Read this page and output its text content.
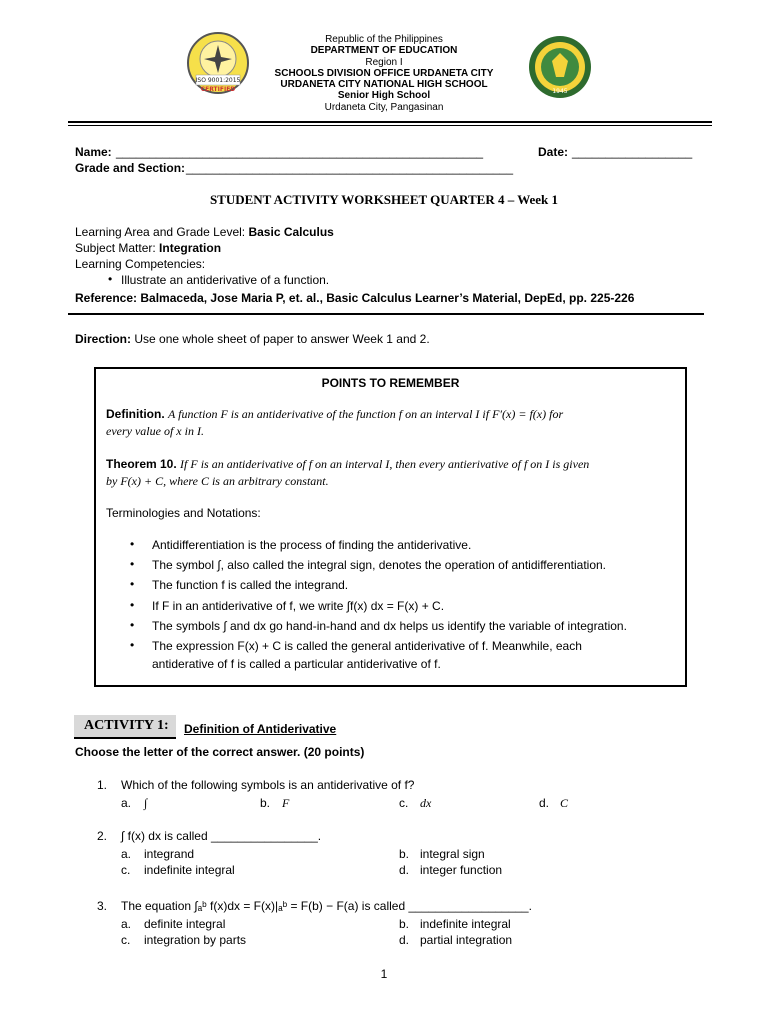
ISO 9001:2015
CERTIFIED	1945
Republic of the Philippines
DEPARTMENT OF EDUCATION
Region I
SCHOOLS DIVISION OFFICE URDANETA CITY
URDANETA CITY NATIONAL HIGH SCHOOL
Senior High School
Urdaneta City, Pangasinan
Name: _______________________________________________________	Date: __________________
Grade and Section: _________________________________________________
STUDENT ACTIVITY WORKSHEET QUARTER 4 – Week 1
Learning Area and Grade Level: Basic Calculus
Subject Matter: Integration
Learning Competencies:
• Illustrate an antiderivative of a function.
Reference: Balmaceda, Jose Maria P, et. al., Basic Calculus Learner’s Material, DepEd, pp. 225-226
Direction: Use one whole sheet of paper to answer Week 1 and 2.
POINTS TO REMEMBER
Definition. A function F is an antiderivative of the function f on an interval I if F′(x) = f(x) for
every value of x in I.
Theorem 10. If F is an antiderivative of f on an interval I, then every antierivative of f on I is given
by F(x) + C, where C is an arbitrary constant.
Terminologies and Notations:
• Antidifferentiation is the process of finding the antiderivative.
• The symbol ∫, also called the integral sign, denotes the operation of antidifferentiation.
• The function f is called the integrand.
• If F in an antiderivative of f, we write ∫f(x) dx = F(x) + C.
• The symbols ∫ and dx go hand-in-hand and dx helps us identify the variable of integration.
• The expression F(x) + C is called the general antiderivative of f. Meanwhile, each
antiderative of f is called a particular antiderivative of f.
ACTIVITY 1:	Definition of Antiderivative
Choose the letter of the correct answer. (20 points)
1. Which of the following symbols is an antiderivative of f?
a. ∫	b. F	c. dx	d. C
2. ∫ f(x) dx is called ________________.
a. integrand	b. integral sign
c. indefinite integral	d. integer function
3. The equation ∫ₐᵇ f(x)dx = F(x)|ₐᵇ = F(b) − F(a) is called __________________.
a. definite integral	b. indefinite integral
c. integration by parts	d. partial integration
1
